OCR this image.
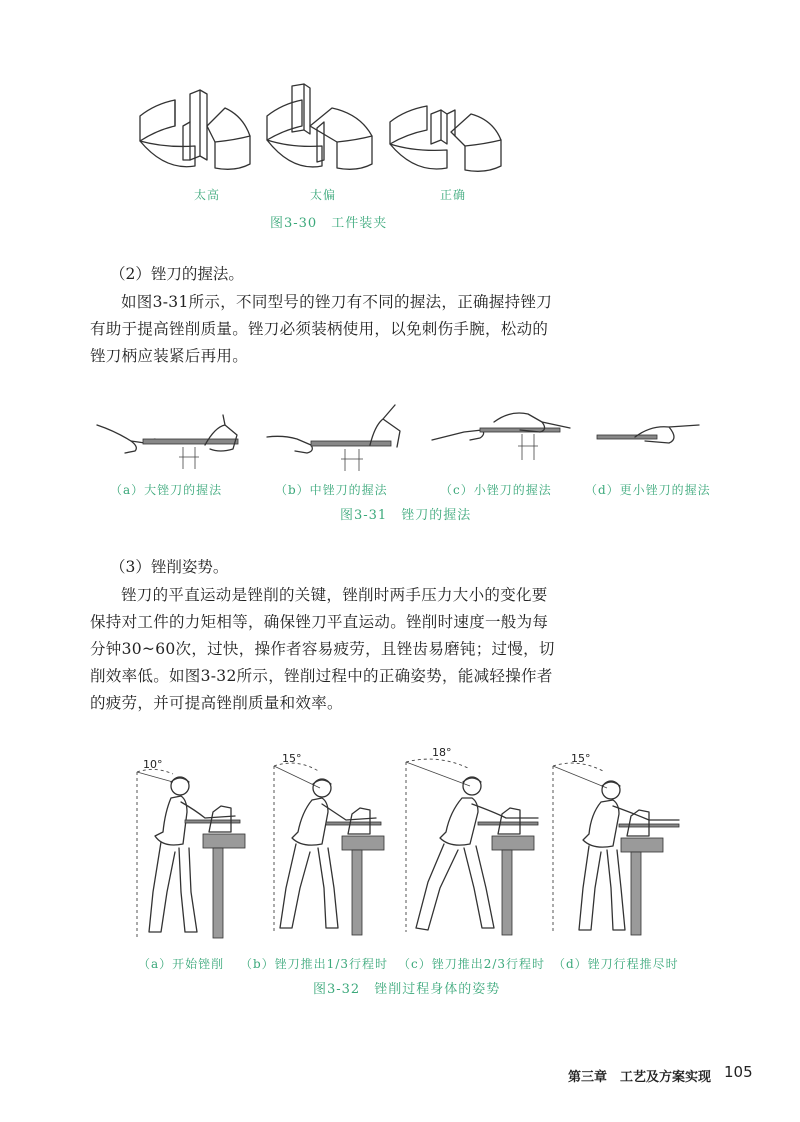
太高	太偏	正确
图3-30　工件装夹
（2）锉刀的握法。

如图3-31所示，不同型号的锉刀有不同的握法，正确握持锉刀

有助于提高锉削质量。锉刀必须装柄使用，以免刺伤手腕，松动的

锉刀柄应装紧后再用。

（a）大锉刀的握法	（b）中锉刀的握法	（c）小锉刀的握法	（d）更小锉刀的握法
图3-31　锉刀的握法
（3）锉削姿势。

锉刀的平直运动是锉削的关键，锉削时两手压力大小的变化要

保持对工件的力矩相等，确保锉刀平直运动。锉削时速度一般为每

分钟30~60次，过快，操作者容易疲劳，且锉齿易磨钝；过慢，切

削效率低。如图3-32所示，锉削过程中的正确姿势，能减轻操作者

的疲劳，并可提高锉削质量和效率。

10°	15°	18°	15°
（a）开始锉削 （b）锉刀推出1/3行程时 （c）锉刀推出2/3行程时 （d）锉刀行程推尽时
图3-32　锉削过程身体的姿势
第三章　工艺及方案实现 105
